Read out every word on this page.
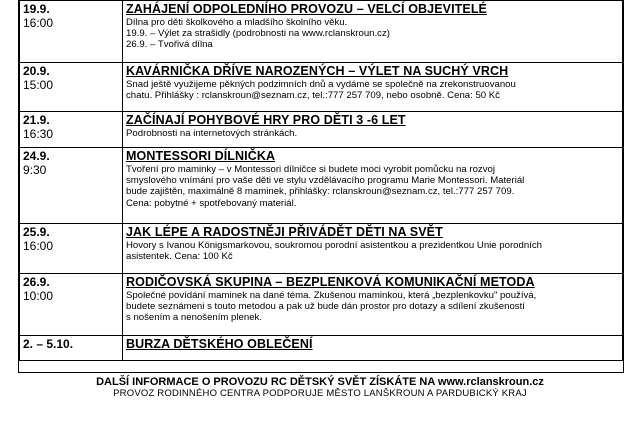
19.9.
16:00	ZAHÁJENÍ ODPOLEDNÍHO PROVOZU – VELCÍ OBJEVITELÉ
Dílna pro děti školkového a mladšího školního věku.
19.9. – Výlet za strašidly (podrobnosti na www.rclanskroun.cz)
26.9. – Tvořivá dílna

20.9.
15:00	KAVÁRNIČKA DŘÍVE NAROZENÝCH – VÝLET NA SUCHÝ VRCH
Snad ještě využijeme pěkných podzimních dnů a vydáme se společně na zrekonstruovanou
chatu. Přihlášky : rclanskroun@seznam.cz, tel.:777 257 709, nebo osobně. Cena: 50 Kč

21.9.
16:30	ZAČÍNAJÍ POHYBOVÉ HRY PRO DĚTI 3 -6 LET
Podrobnosti na internetových stránkách.

24.9.
9:30	MONTESSORI DÍLNIČKA
Tvoření pro maminky – v Montessori dílničce si budete moci vyrobit pomůcku na rozvoj
smyslového vnímání pro vaše děti ve stylu vzdělávacího programu Marie Montessori. Materiál
bude zajištěn, maximálně 8 maminek, přihlášky: rclanskroun@seznam.cz, tel.:777 257 709.
Cena: pobytné + spotřebovaný materiál.

25.9.
16:00	JAK LÉPE A RADOSTNĚJI PŘIVÁDĚT DĚTI NA SVĚT
Hovory s Ivanou Königsmarkovou, soukromou porodní asistentkou a prezidentkou Unie porodních
asistentek. Cena: 100 Kč

26.9.
10:00	RODIČOVSKÁ SKUPINA – BEZPLENKOVÁ KOMUNIKAČNÍ METODA
Společné povídání maminek na dané téma. Zkušenou maminkou, která „bezplenkovku" používá,
budete seznámeni s touto metodou a pak už bude dán prostor pro dotazy a sdílení zkušeností
s nošením a nenošením plenek.

2. – 5.10.	BURZA DĚTSKÉHO OBLEČENÍ
DALŠÍ INFORMACE O PROVOZU RC DĚTSKÝ SVĚT ZÍSKÁTE NA www.rclanskroun.cz
PROVOZ RODINNÉHO CENTRA PODPORUJE MĚSTO LANŠKROUN A PARDUBICKÝ KRAJ
